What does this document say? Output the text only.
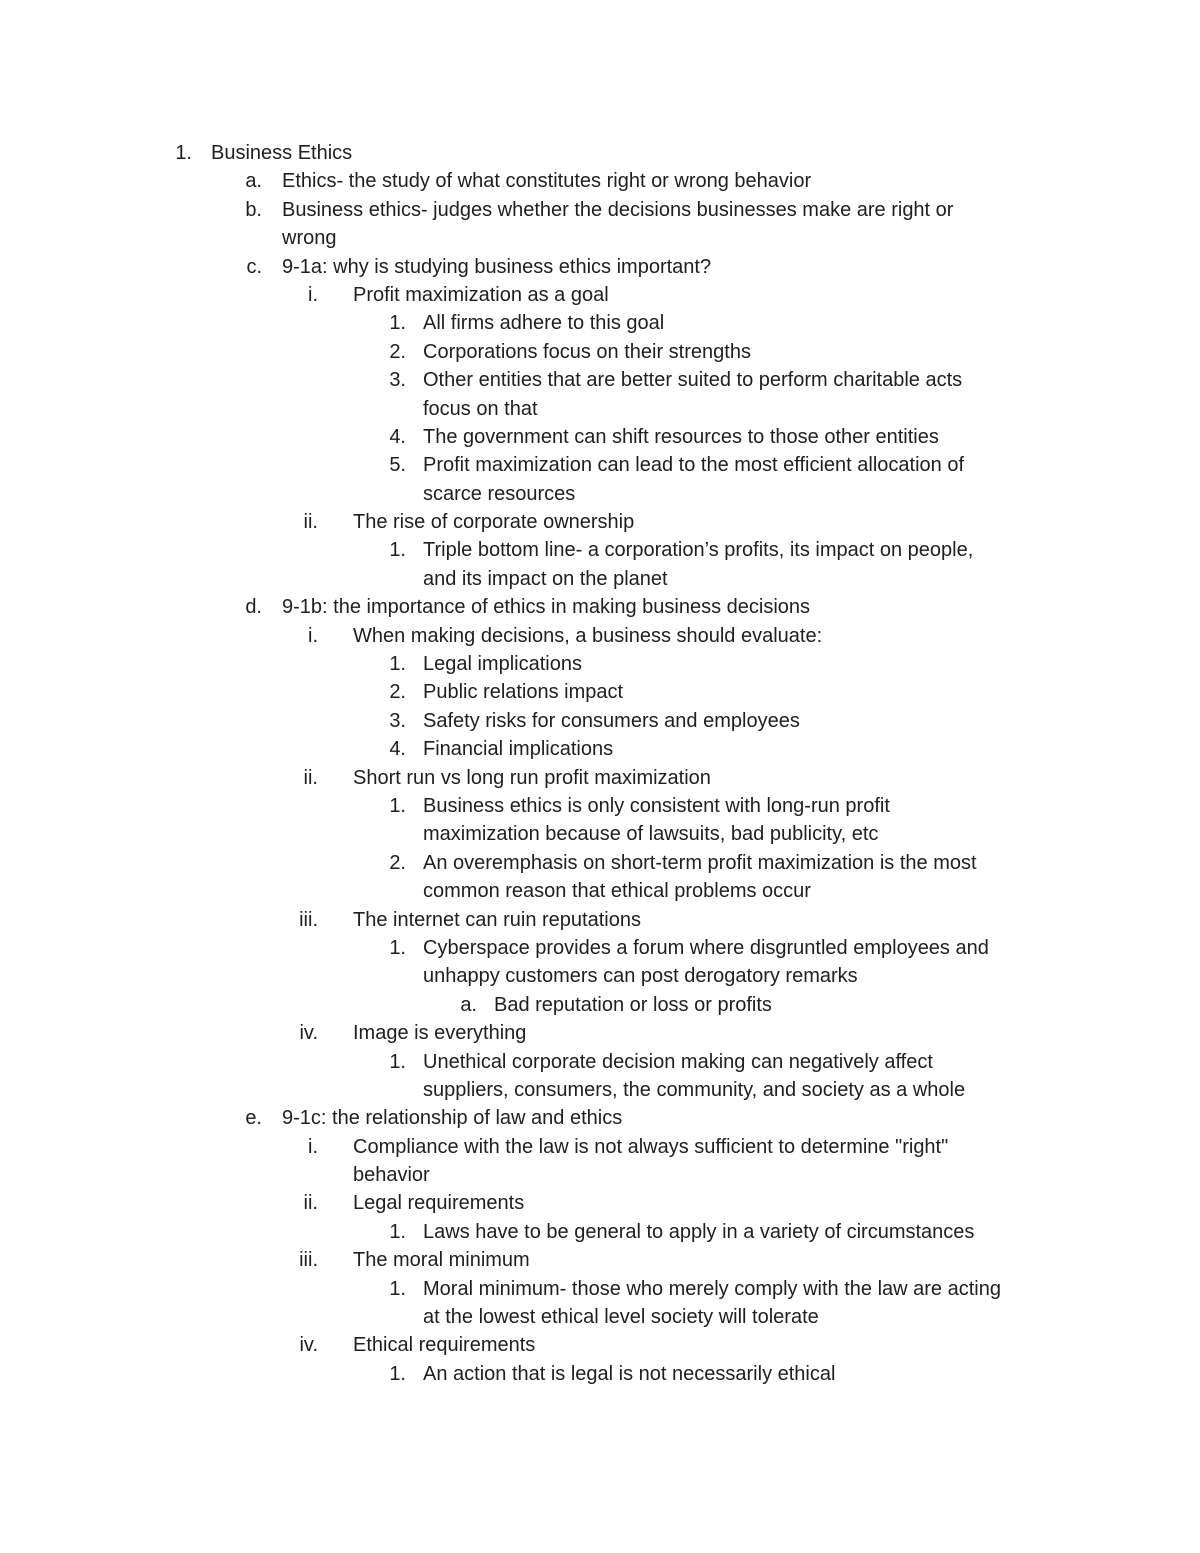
1. Business Ethics
a. Ethics- the study of what constitutes right or wrong behavior
b. Business ethics- judges whether the decisions businesses make are right or
wrong
c. 9-1a: why is studying business ethics important?
i. Profit maximization as a goal
1. All firms adhere to this goal
2. Corporations focus on their strengths
3. Other entities that are better suited to perform charitable acts
focus on that
4. The government can shift resources to those other entities
5. Profit maximization can lead to the most efficient allocation of
scarce resources
ii. The rise of corporate ownership
1. Triple bottom line- a corporation’s profits, its impact on people,
and its impact on the planet
d. 9-1b: the importance of ethics in making business decisions
i. When making decisions, a business should evaluate:
1. Legal implications
2. Public relations impact
3. Safety risks for consumers and employees
4. Financial implications
ii. Short run vs long run profit maximization
1. Business ethics is only consistent with long-run profit
maximization because of lawsuits, bad publicity, etc
2. An overemphasis on short-term profit maximization is the most
common reason that ethical problems occur
iii. The internet can ruin reputations
1. Cyberspace provides a forum where disgruntled employees and
unhappy customers can post derogatory remarks
a. Bad reputation or loss or profits
iv. Image is everything
1. Unethical corporate decision making can negatively affect
suppliers, consumers, the community, and society as a whole
e. 9-1c: the relationship of law and ethics
i. Compliance with the law is not always sufficient to determine "right"
behavior
ii. Legal requirements
1. Laws have to be general to apply in a variety of circumstances
iii. The moral minimum
1. Moral minimum- those who merely comply with the law are acting
at the lowest ethical level society will tolerate
iv. Ethical requirements
1. An action that is legal is not necessarily ethical
